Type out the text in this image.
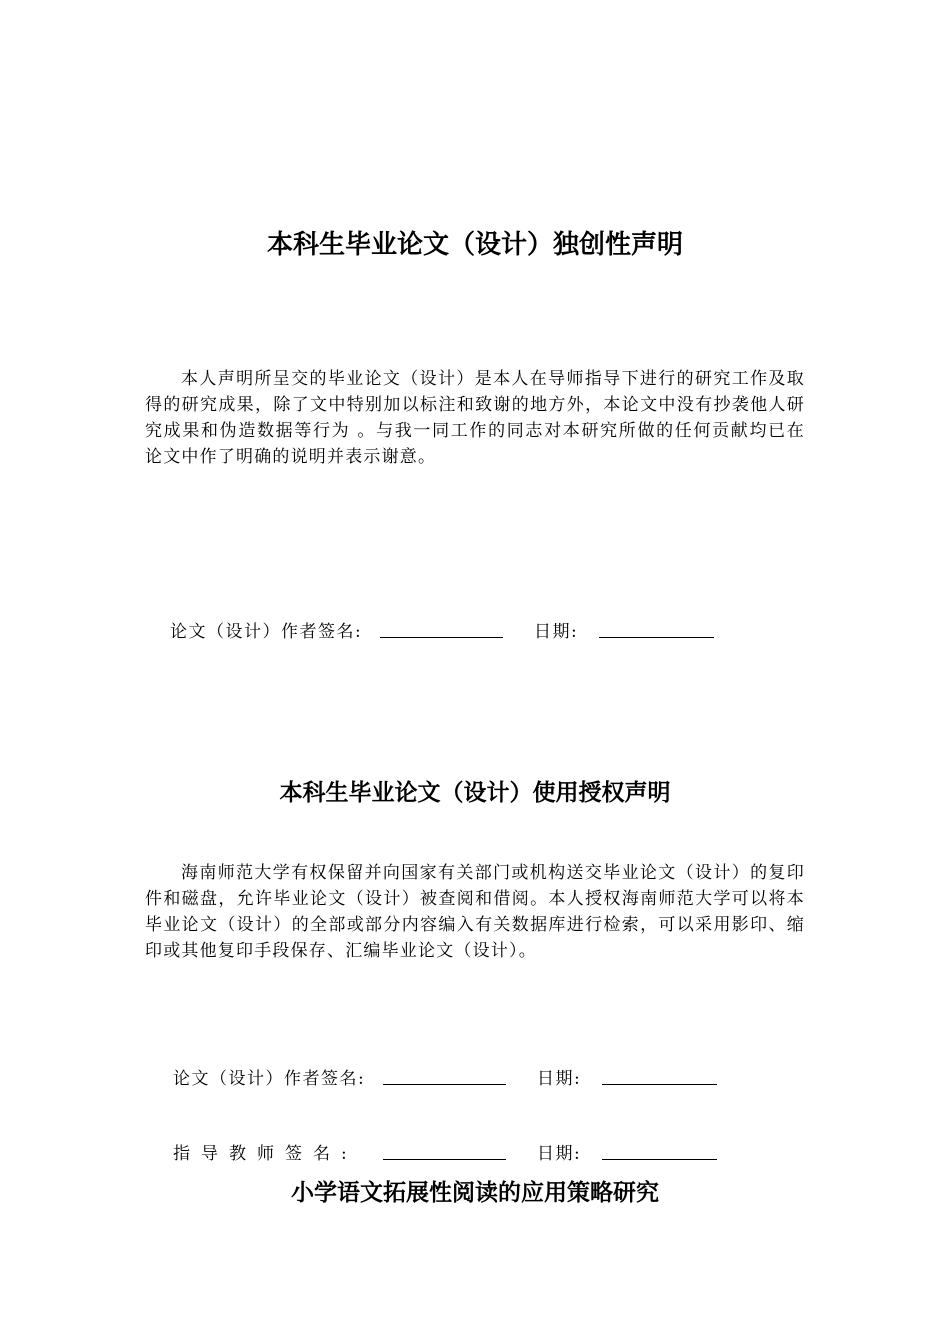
本科生毕业论文（设计）独创性声明

本人声明所呈交的毕业论文（设计）是本人在导师指导下进行的研究工作及取得的研究成果，除了文中特别加以标注和致谢的地方外，本论文中没有抄袭他人研究成果和伪造数据等行为 。与我一同工作的同志对本研究所做的任何贡献均已在论文中作了明确的说明并表示谢意。

论文（设计）作者签名:	日期:
本科生毕业论文（设计）使用授权声明

海南师范大学有权保留并向国家有关部门或机构送交毕业论文（设计）的复印件和磁盘，允许毕业论文（设计）被查阅和借阅。本人授权海南师范大学可以将本毕业论文（设计）的全部或部分内容编入有关数据库进行检索，可以采用影印、缩印或其他复印手段保存、汇编毕业论文（设计）。

论文（设计）作者签名:	日期:
指导教师签名:	日期:
小学语文拓展性阅读的应用策略研究
